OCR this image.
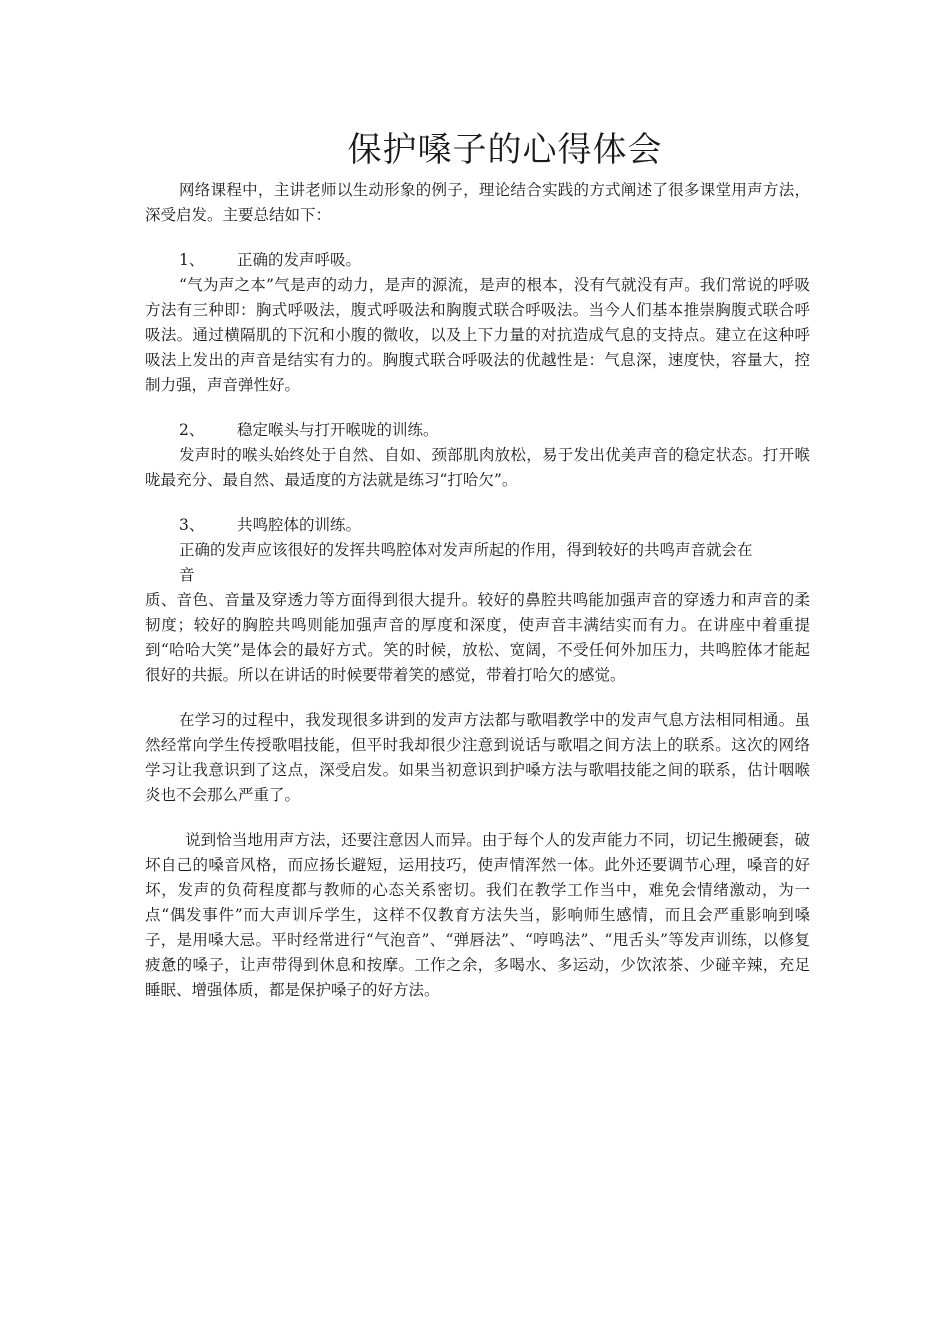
保护嗓子的心得体会

网络课程中，主讲老师以生动形象的例子，理论结合实践的方式阐述了很多课堂用声方法，深受启发。主要总结如下：

1、	正确的发声呼吸。

“气为声之本”气是声的动力，是声的源流，是声的根本，没有气就没有声。我们常说的呼吸方法有三种即：胸式呼吸法，腹式呼吸法和胸腹式联合呼吸法。当今人们基本推崇胸腹式联合呼吸法。通过横隔肌的下沉和小腹的微收，以及上下力量的对抗造成气息的支持点。建立在这种呼吸法上发出的声音是结实有力的。胸腹式联合呼吸法的优越性是：气息深，速度快，容量大，控制力强，声音弹性好。

2、	稳定喉头与打开喉咙的训练。

发声时的喉头始终处于自然、自如、颈部肌肉放松，易于发出优美声音的稳定状态。打开喉咙最充分、最自然、最适度的方法就是练习“打哈欠”。

3、	共鸣腔体的训练。

正确的发声应该很好的发挥共鸣腔体对发声所起的作用，得到较好的共鸣声音就会在

音

质、音色、音量及穿透力等方面得到很大提升。较好的鼻腔共鸣能加强声音的穿透力和声音的柔韧度；较好的胸腔共鸣则能加强声音的厚度和深度，使声音丰满结实而有力。在讲座中着重提到“哈哈大笑”是体会的最好方式。笑的时候，放松、宽阔，不受任何外加压力，共鸣腔体才能起很好的共振。所以在讲话的时候要带着笑的感觉，带着打哈欠的感觉。

在学习的过程中，我发现很多讲到的发声方法都与歌唱教学中的发声气息方法相同相通。虽然经常向学生传授歌唱技能，但平时我却很少注意到说话与歌唱之间方法上的联系。这次的网络学习让我意识到了这点，深受启发。如果当初意识到护嗓方法与歌唱技能之间的联系，估计咽喉炎也不会那么严重了。

说到恰当地用声方法，还要注意因人而异。由于每个人的发声能力不同，切记生搬硬套，破坏自己的嗓音风格，而应扬长避短，运用技巧，使声情浑然一体。此外还要调节心理，嗓音的好坏，发声的负荷程度都与教师的心态关系密切。我们在教学工作当中，难免会情绪激动，为一点“偶发事件”而大声训斥学生，这样不仅教育方法失当，影响师生感情，而且会严重影响到嗓子，是用嗓大忌。平时经常进行“气泡音”、“弹唇法”、“哼鸣法”、“甩舌头”等发声训练，以修复疲惫的嗓子，让声带得到休息和按摩。工作之余，多喝水、多运动，少饮浓茶、少碰辛辣，充足睡眠、增强体质，都是保护嗓子的好方法。
